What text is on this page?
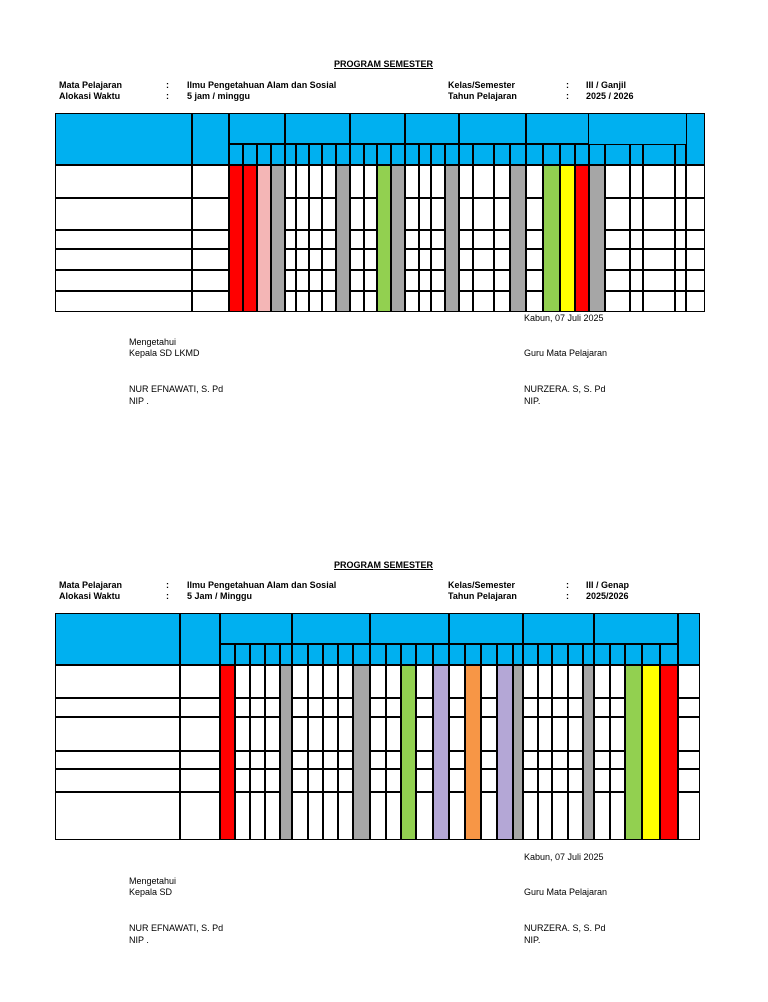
PROGRAM SEMESTER
Mata Pelajaran
Alokasi Waktu
:
:
Ilmu Pengetahuan Alam dan Sosial
5 jam / minggu
Kelas/Semester
Tahun Pelajaran
:
:
III / Ganjil
2025 / 2026
Kabun, 07 Juli 2025
Mengetahui
Kepala SD LKMD
NUR EFNAWATI, S. Pd
NIP .
Guru Mata Pelajaran
NURZERA. S, S. Pd
NIP.
PROGRAM SEMESTER
Mata Pelajaran
Alokasi Waktu
:
:
Ilmu Pengetahuan Alam dan Sosial
5 Jam / Minggu
Kelas/Semester
Tahun Pelajaran
:
:
III / Genap
2025/2026
Kabun, 07 Juli 2025
Mengetahui
Kepala SD
NUR EFNAWATI, S. Pd
NIP .
Guru Mata Pelajaran
NURZERA. S, S. Pd
NIP.
